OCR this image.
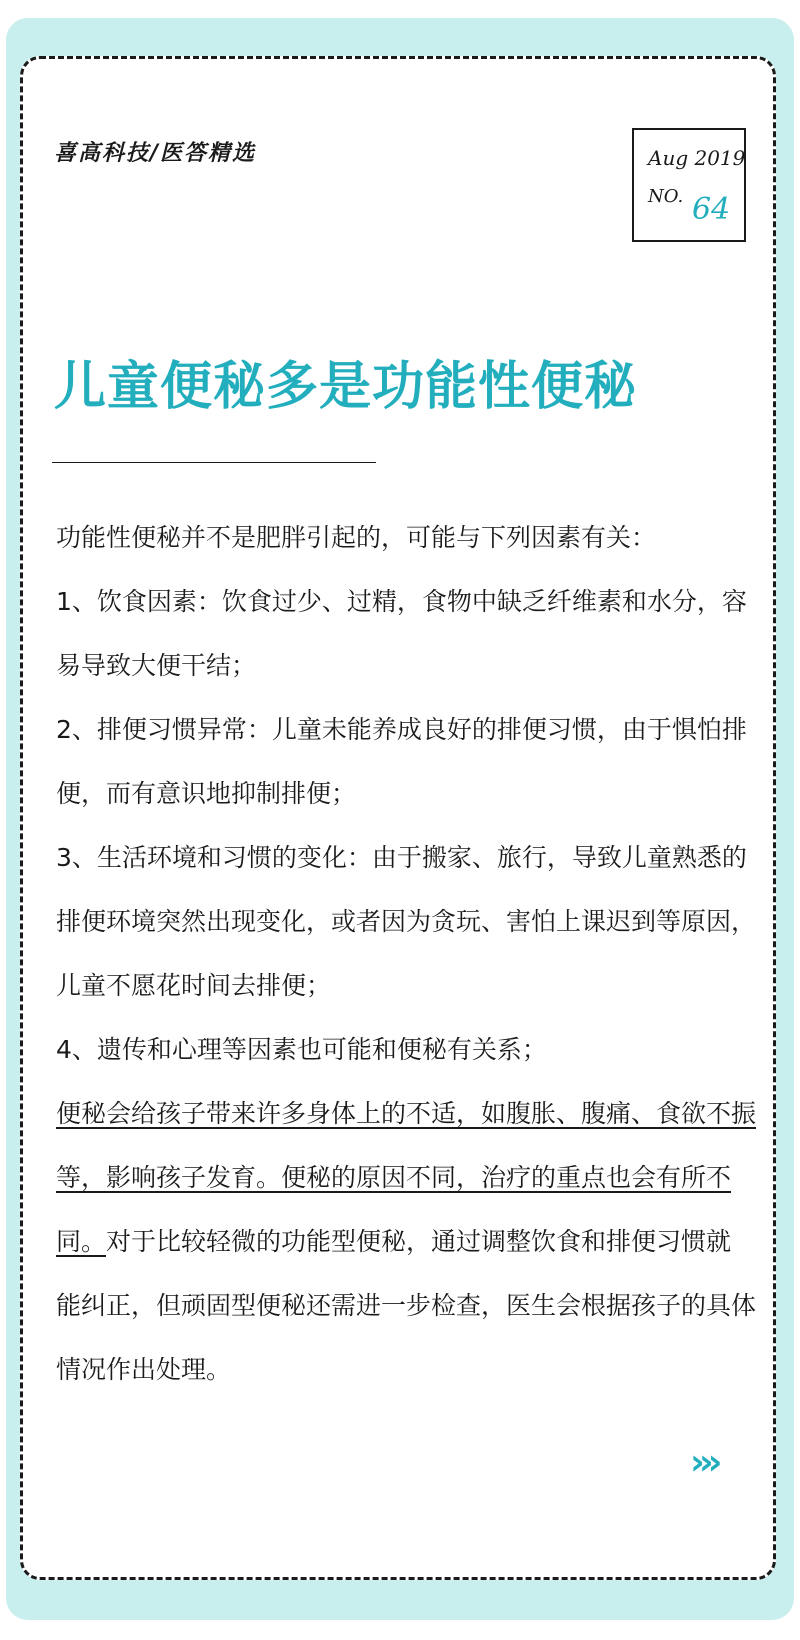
喜高科技/医答精选	Aug 2019
NO. 64
儿童便秘多是功能性便秘

功能性便秘并不是肥胖引起的，可能与下列因素有关：

1、饮食因素：饮食过少、过精，食物中缺乏纤维素和水分，容易导致大便干结；

2、排便习惯异常：儿童未能养成良好的排便习惯，由于惧怕排便，而有意识地抑制排便；

3、生活环境和习惯的变化：由于搬家、旅行，导致儿童熟悉的排便环境突然出现变化，或者因为贪玩、害怕上课迟到等原因，儿童不愿花时间去排便；

4、遗传和心理等因素也可能和便秘有关系；

便秘会给孩子带来许多身体上的不适，如腹胀、腹痛、食欲不振等，影响孩子发育。便秘的原因不同，治疗的重点也会有所不同。对于比较轻微的功能型便秘，通过调整饮食和排便习惯就能纠正，但顽固型便秘还需进一步检查，医生会根据孩子的具体情况作出处理。

›››
